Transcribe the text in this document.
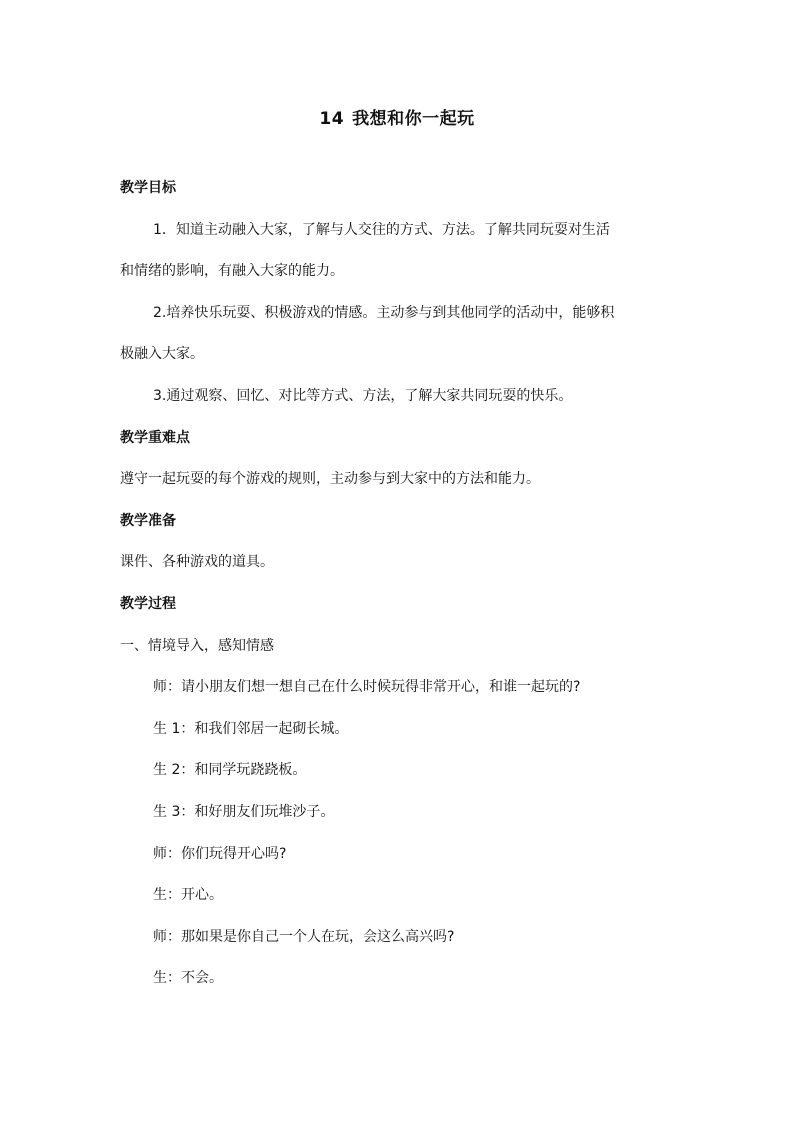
14 我想和你一起玩
教学目标
1．知道主动融入大家，了解与人交往的方式、方法。了解共同玩耍对生活
和情绪的影响，有融入大家的能力。
2.培养快乐玩耍、积极游戏的情感。主动参与到其他同学的活动中，能够积
极融入大家。
3.通过观察、回忆、对比等方式、方法，了解大家共同玩耍的快乐。
教学重难点
遵守一起玩耍的每个游戏的规则，主动参与到大家中的方法和能力。
教学准备
课件、各种游戏的道具。
教学过程
一、情境导入，感知情感
师：请小朋友们想一想自己在什么时候玩得非常开心，和谁一起玩的?
生 1：和我们邻居一起砌长城。
生 2：和同学玩跷跷板。
生 3：和好朋友们玩堆沙子。
师：你们玩得开心吗?
生：开心。
师：那如果是你自己一个人在玩，会这么高兴吗?
生：不会。
